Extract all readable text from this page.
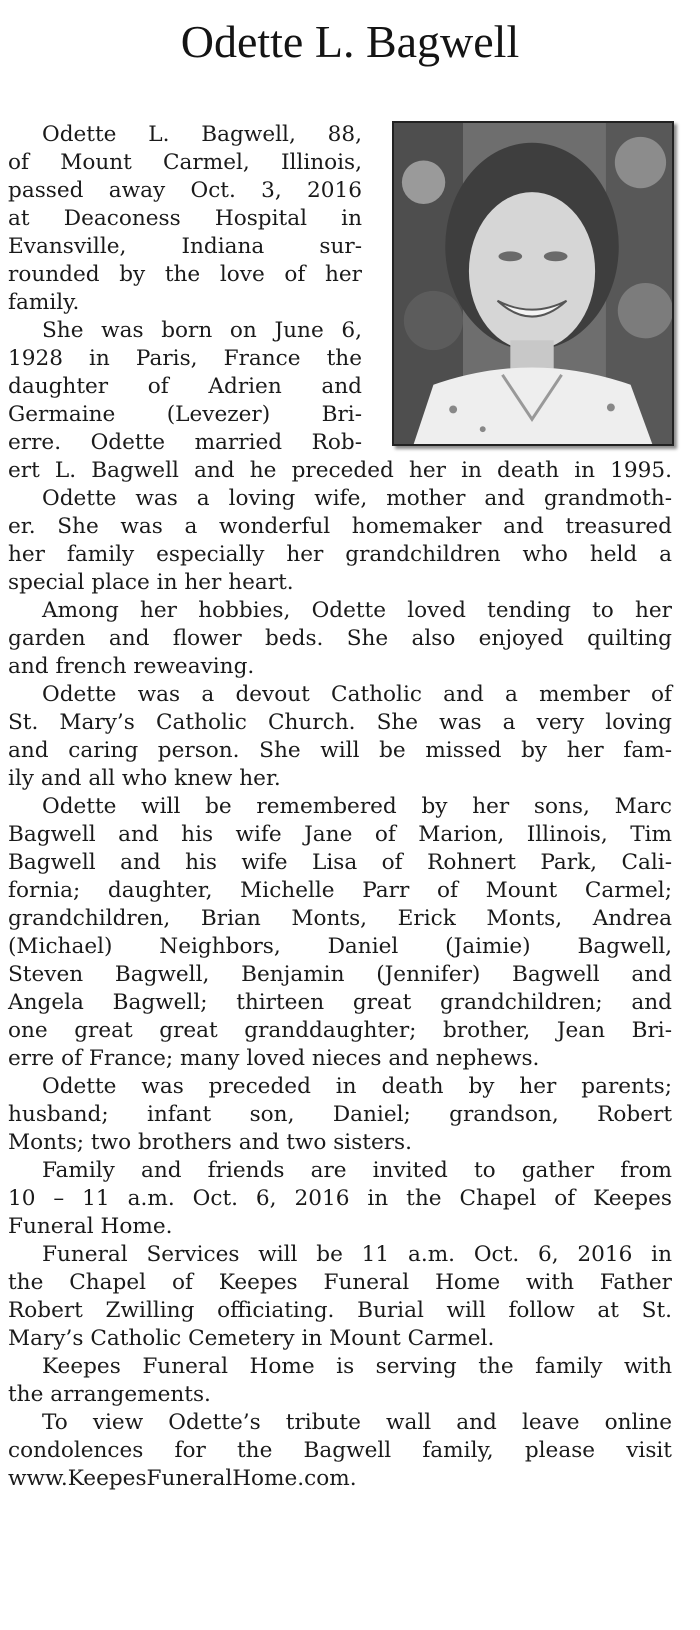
Odette L. Bagwell
Odette L. Bagwell, 88,
of Mount Carmel, Illinois,
passed away Oct. 3, 2016
at Deaconess Hospital in
Evansville, Indiana sur-
rounded by the love of her
family.
She was born on June 6,
1928 in Paris, France the
daughter of Adrien and
Germaine (Levezer) Bri-
erre. Odette married Rob-
ert L. Bagwell and he preceded her in death in 1995.
Odette was a loving wife, mother and grandmoth-
er. She was a wonderful homemaker and treasured
her family especially her grandchildren who held a
special place in her heart.
Among her hobbies, Odette loved tending to her
garden and flower beds. She also enjoyed quilting
and french reweaving.
Odette was a devout Catholic and a member of
St. Mary’s Catholic Church. She was a very loving
and caring person. She will be missed by her fam-
ily and all who knew her.
Odette will be remembered by her sons, Marc
Bagwell and his wife Jane of Marion, Illinois, Tim
Bagwell and his wife Lisa of Rohnert Park, Cali-
fornia; daughter, Michelle Parr of Mount Carmel;
grandchildren, Brian Monts, Erick Monts, Andrea
(Michael) Neighbors, Daniel (Jaimie) Bagwell,
Steven Bagwell, Benjamin (Jennifer) Bagwell and
Angela Bagwell; thirteen great grandchildren; and
one great great granddaughter; brother, Jean Bri-
erre of France; many loved nieces and nephews.
Odette was preceded in death by her parents;
husband; infant son, Daniel; grandson, Robert
Monts; two brothers and two sisters.
Family and friends are invited to gather from
10 – 11 a.m. Oct. 6, 2016 in the Chapel of Keepes
Funeral Home.
Funeral Services will be 11 a.m. Oct. 6, 2016 in
the Chapel of Keepes Funeral Home with Father
Robert Zwilling officiating. Burial will follow at St.
Mary’s Catholic Cemetery in Mount Carmel.
Keepes Funeral Home is serving the family with
the arrangements.
To view Odette’s tribute wall and leave online
condolences for the Bagwell family, please visit
www.KeepesFuneralHome.com.
